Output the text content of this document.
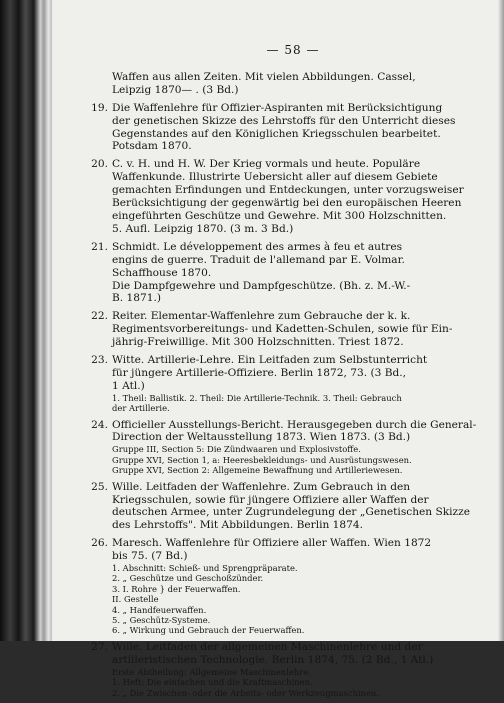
— 58 —
Waffen aus allen Zeiten. Mit vielen Abbildungen. Cassel,
Leipzig 1870— . (3 Bd.)
19. Die Waffenlehre für Offizier-Aspiranten mit Berücksichtigung
der genetischen Skizze des Lehrstoffs für den Unterricht dieses
Gegenstandes auf den Königlichen Kriegsschulen bearbeitet.
Potsdam 1870.
20. C. v. H. und H. W. Der Krieg vormals und heute. Populäre
Waffenkunde. Illustrirte Uebersicht aller auf diesem Gebiete
gemachten Erfindungen und Entdeckungen, unter vorzugsweiser
Berücksichtigung der gegenwärtig bei den europäischen Heeren
eingeführten Geschütze und Gewehre. Mit 300 Holzschnitten.
5. Aufl. Leipzig 1870. (3 m. 3 Bd.)
21. Schmidt. Le développement des armes à feu et autres
engins de guerre. Traduit de l'allemand par E. Volmar.
Schaffhouse 1870.
Die Dampfgewehre und Dampfgeschütze. (Bh. z. M.-W.-
B. 1871.)
22. Reiter. Elementar-Waffenlehre zum Gebrauche der k. k.
Regimentsvorbereitungs- und Kadetten-Schulen, sowie für Ein-
jährig-Freiwillige. Mit 300 Holzschnitten. Triest 1872.
23. Witte. Artillerie-Lehre. Ein Leitfaden zum Selbstunterricht
für jüngere Artillerie-Offiziere. Berlin 1872, 73. (3 Bd.,
1 Atl.)
1. Theil: Ballistik. 2. Theil: Die Artillerie-Technik. 3. Theil: Gebrauch
der Artillerie.
24. Officieller Ausstellungs-Bericht. Herausgegeben durch die General-
Direction der Weltausstellung 1873. Wien 1873. (3 Bd.)
Gruppe III, Section 5: Die Zündwaaren und Explosivstoffe.
Gruppe XVI, Section 1, a: Heeresbekleidungs- und Ausrüstungswesen.
Gruppe XVI, Section 2: Allgemeine Bewaffnung und Artilleriewesen.
25. Wille. Leitfaden der Waffenlehre. Zum Gebrauch in den
Kriegsschulen, sowie für jüngere Offiziere aller Waffen der
deutschen Armee, unter Zugrundelegung der „Genetischen Skizze
des Lehrstoffs". Mit Abbildungen. Berlin 1874.
26. Maresch. Waffenlehre für Offiziere aller Waffen. Wien 1872
bis 75. (7 Bd.)
1. Abschnitt: Schieß- und Sprengpräparate.
2. „ Geschütze und Geschoßzünder.
3. I. Rohre } der Feuerwaffen.
II. Gestelle
4. „ Handfeuerwaffen.
5. „ Geschütz-Systeme.
6. „ Wirkung und Gebrauch der Feuerwaffen.
27. Wille. Leitfaden der allgemeinen Maschinenlehre und der
artilleristischen Technologie. Berlin 1874, 75. (2 Bd., 1 Atl.)
Erste Abtheilung: Allgemeine Maschinenlehre.
1. Heft: Die einfachen und die Kraftmaschinen.
2. „ Die Zwischen- oder die Arbeits- oder Werkzeugmaschinen.
